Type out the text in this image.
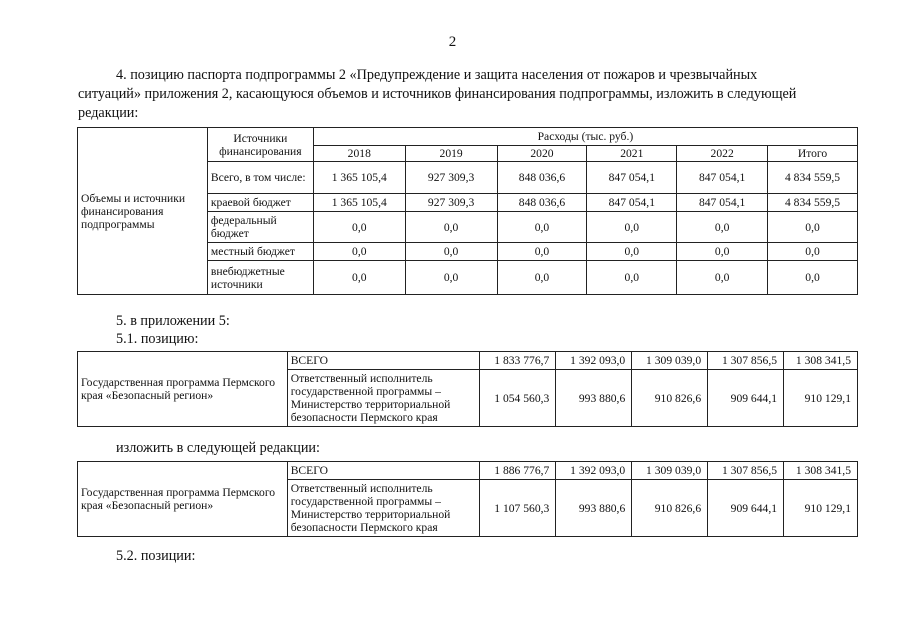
2
4. позицию паспорта подпрограммы 2 «Предупреждение и защита населения от пожаров и чрезвычайных
ситуаций» приложения 2, касающуюся объемов и источников финансирования подпрограммы, изложить в следующей
редакции:
Объемы и источники финансирования подпрограммы	Источники финансирования	Расходы (тыс. руб.)					
		2018	2019	2020	2021	2022	Итого
	Всего, в том числе:	1 365 105,4	927 309,3	848 036,6	847 054,1	847 054,1	4 834 559,5
	краевой бюджет	1 365 105,4	927 309,3	848 036,6	847 054,1	847 054,1	4 834 559,5
	федеральный бюджет	0,0	0,0	0,0	0,0	0,0	0,0
	местный бюджет	0,0	0,0	0,0	0,0	0,0	0,0
	внебюджетные источники	0,0	0,0	0,0	0,0	0,0	0,0
5. в приложении 5:
5.1. позицию:
Государственная программа Пермского края «Безопасный регион»	ВСЕГО	1 833 776,7	1 392 093,0	1 309 039,0	1 307 856,5	1 308 341,5
	Ответственный исполнитель государственной программы – Министерство территориальной безопасности Пермского края	1 054 560,3	993 880,6	910 826,6	909 644,1	910 129,1
изложить в следующей редакции:
Государственная программа Пермского края «Безопасный регион»	ВСЕГО	1 886 776,7	1 392 093,0	1 309 039,0	1 307 856,5	1 308 341,5
	Ответственный исполнитель государственной программы – Министерство территориальной безопасности Пермского края	1 107 560,3	993 880,6	910 826,6	909 644,1	910 129,1
5.2. позиции:
